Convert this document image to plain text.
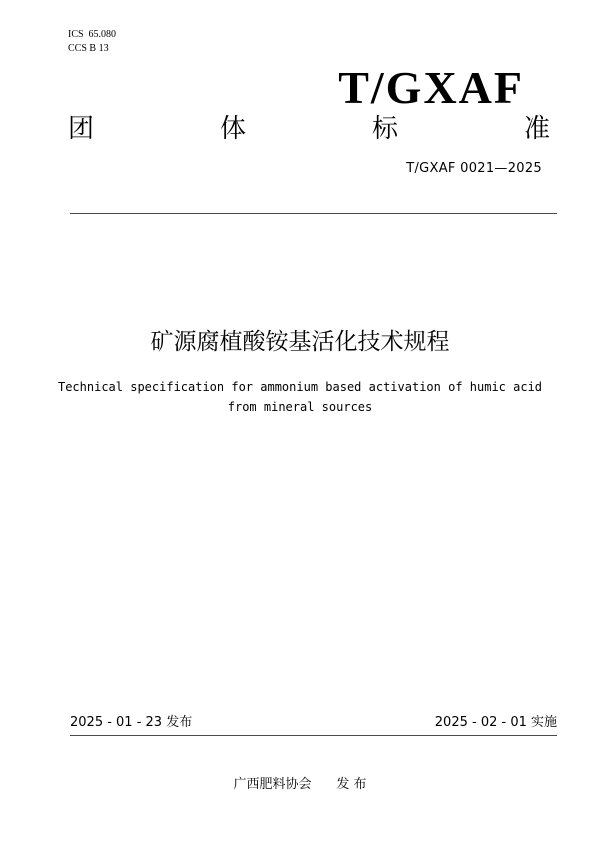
ICS  65.080
CCS B 13
T/GXAF
团	体	标	准
T/GXAF 0021—2025
矿源腐植酸铵基活化技术规程
Technical specification for ammonium based activation of humic acid
from mineral sources
2025 - 01 - 23 发布	2025 - 02 - 01 实施
广西肥料协会 发 布
